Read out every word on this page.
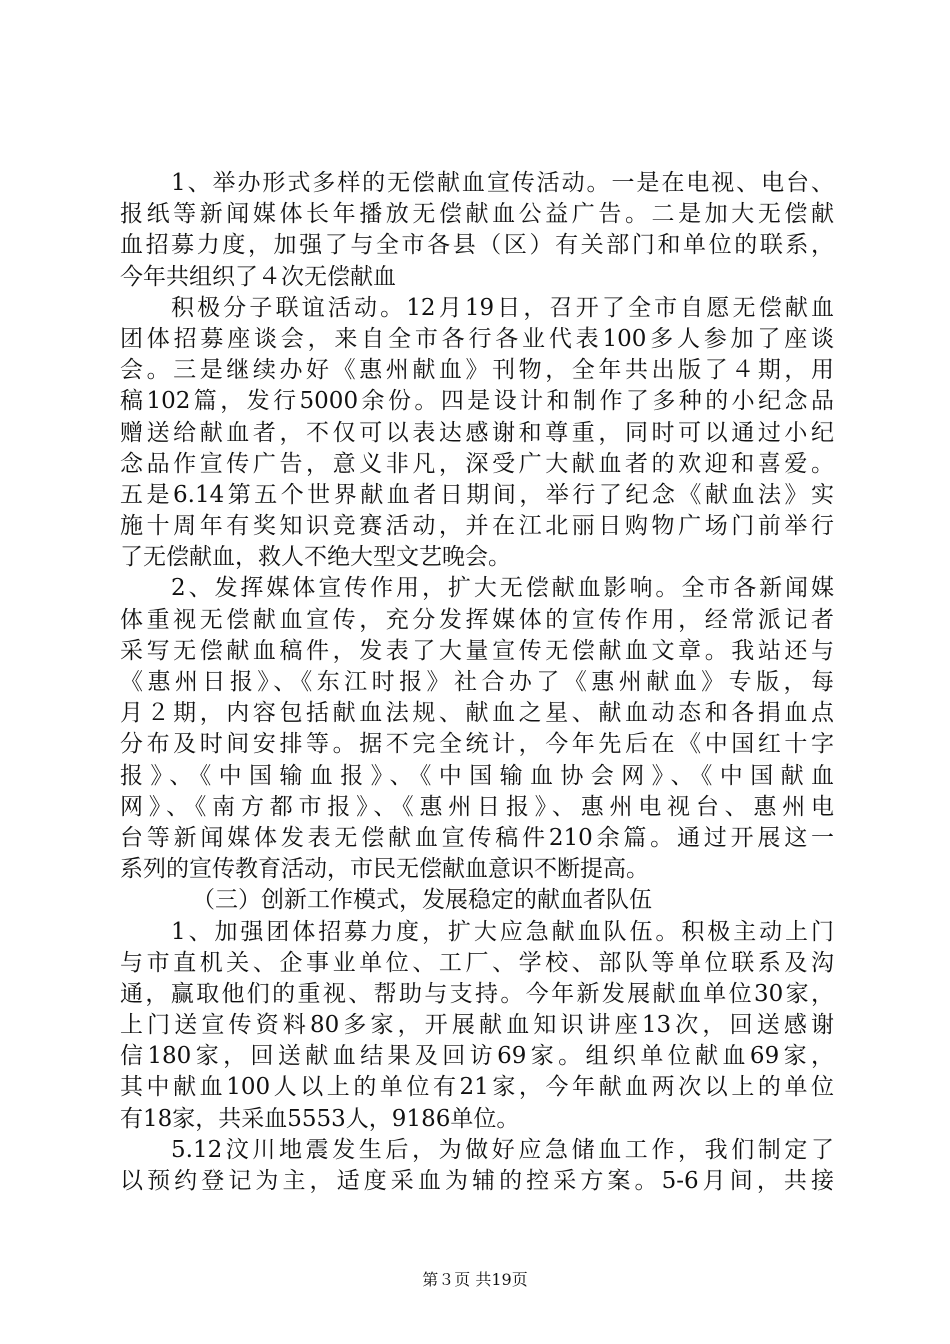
1、举办形式多样的无偿献血宣传活动。一是在电视、电台、
报纸等新闻媒体长年播放无偿献血公益广告。二是加大无偿献
血招募力度，加强了与全市各县（区）有关部门和单位的联系，
今年共组织了４次无偿献血
积极分子联谊活动。12月19日，召开了全市自愿无偿献血
团体招募座谈会，来自全市各行各业代表100多人参加了座谈
会。三是继续办好《惠州献血》刊物，全年共出版了４期，用
稿102篇，发行5000余份。四是设计和制作了多种的小纪念品
赠送给献血者，不仅可以表达感谢和尊重，同时可以通过小纪
念品作宣传广告，意义非凡，深受广大献血者的欢迎和喜爱。
五是6.14第五个世界献血者日期间，举行了纪念《献血法》实
施十周年有奖知识竞赛活动，并在江北丽日购物广场门前举行
了无偿献血，救人不绝大型文艺晚会。
2、发挥媒体宣传作用，扩大无偿献血影响。全市各新闻媒
体重视无偿献血宣传，充分发挥媒体的宣传作用，经常派记者
采写无偿献血稿件，发表了大量宣传无偿献血文章。我站还与
《惠州日报》、《东江时报》社合办了《惠州献血》专版，每
月２期，内容包括献血法规、献血之星、献血动态和各捐血点
分布及时间安排等。据不完全统计，今年先后在《中国红十字
报》、《中国输血报》、《中国输血协会网》、《中国献血
网》、《南方都市报》、《惠州日报》、惠州电视台、惠州电
台等新闻媒体发表无偿献血宣传稿件210余篇。通过开展这一
系列的宣传教育活动，市民无偿献血意识不断提高。
（三）创新工作模式，发展稳定的献血者队伍
1、加强团体招募力度，扩大应急献血队伍。积极主动上门
与市直机关、企事业单位、工厂、学校、部队等单位联系及沟
通，赢取他们的重视、帮助与支持。今年新发展献血单位30家，
上门送宣传资料80多家，开展献血知识讲座13次，回送感谢
信180家，回送献血结果及回访69家。组织单位献血69家，
其中献血100人以上的单位有21家，今年献血两次以上的单位
有18家，共采血5553人，9186单位。
5.12汶川地震发生后，为做好应急储血工作，我们制定了
以预约登记为主，适度采血为辅的控采方案。5-6月间，共接
第３页 共19页
